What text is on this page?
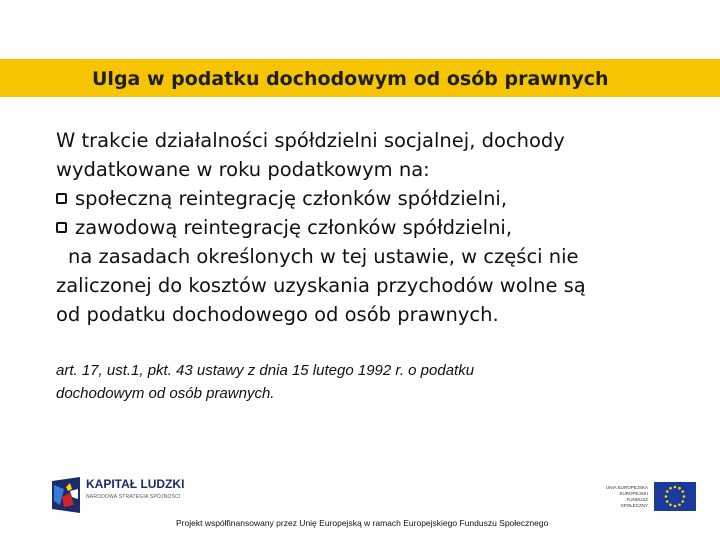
Ulga w podatku dochodowym od osób prawnych
W trakcie działalności spółdzielni socjalnej, dochody
wydatkowane w roku podatkowym na:
społeczną reintegrację członków spółdzielni,
zawodową reintegrację członków spółdzielni,
na zasadach określonych w tej ustawie, w części nie
zaliczonej do kosztów uzyskania przychodów wolne są
od podatku dochodowego od osób prawnych.
art. 17, ust.1, pkt. 43 ustawy z dnia 15 lutego 1992 r. o podatku
dochodowym od osób prawnych.
KAPITAŁ LUDZKI
NARODOWA STRATEGIA SPÓJNOŚCI
UNIA EUROPEJSKA EUROPEJSKI FUNDUSZ SPOŁECZNY
Projekt współfinansowany przez Unię Europejską w ramach Europejskiego Funduszu Społecznego
